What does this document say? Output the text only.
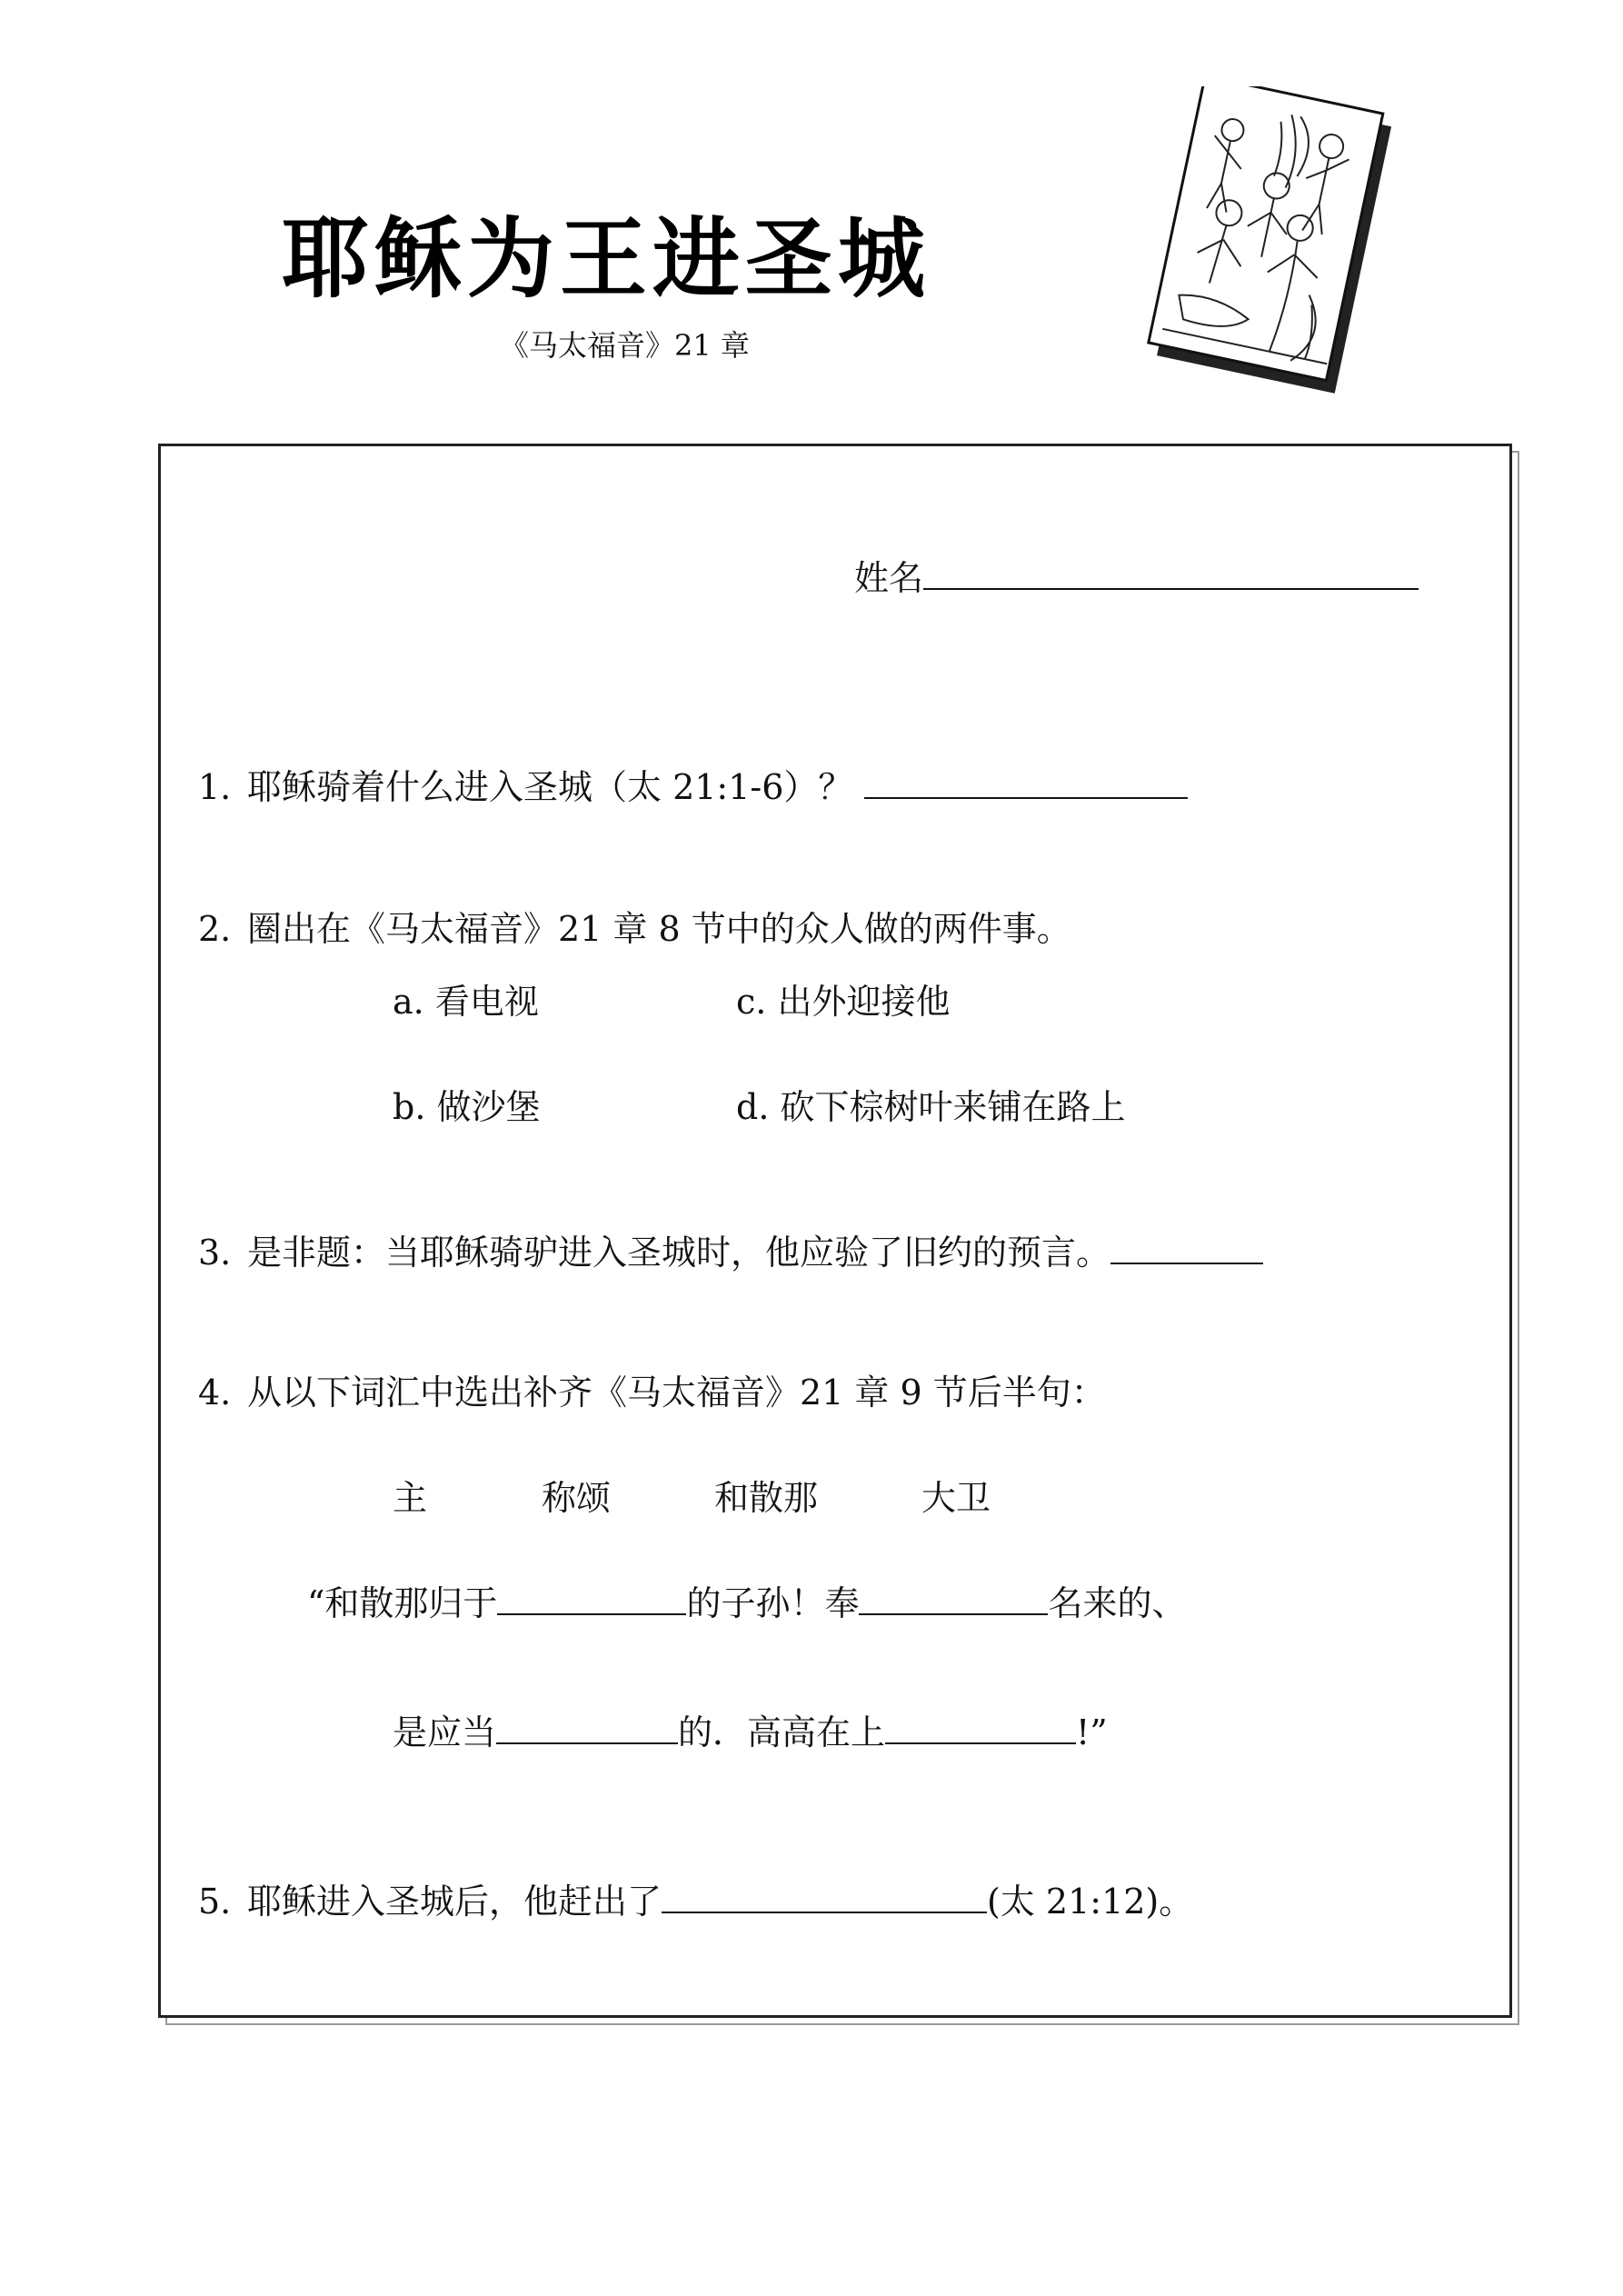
耶稣为王进圣城
《马太福音》21 章
姓名
1. 耶稣骑着什么进入圣城（太 21:1-6）？
2. 圈出在《马太福音》21 章 8 节中的众人做的两件事。
a. 看电视	c. 出外迎接他
b. 做沙堡	d. 砍下棕树叶来铺在路上
3. 是非题：当耶稣骑驴进入圣城时，他应验了旧约的预言。
4. 从以下词汇中选出补齐《马太福音》21 章 9 节后半句：
主	称颂	和散那	大卫
“和散那归于	的子孙！奉	名来的、
是应当	的．高高在上	!”
5. 耶稣进入圣城后，他赶出了	(太 21:12)。
